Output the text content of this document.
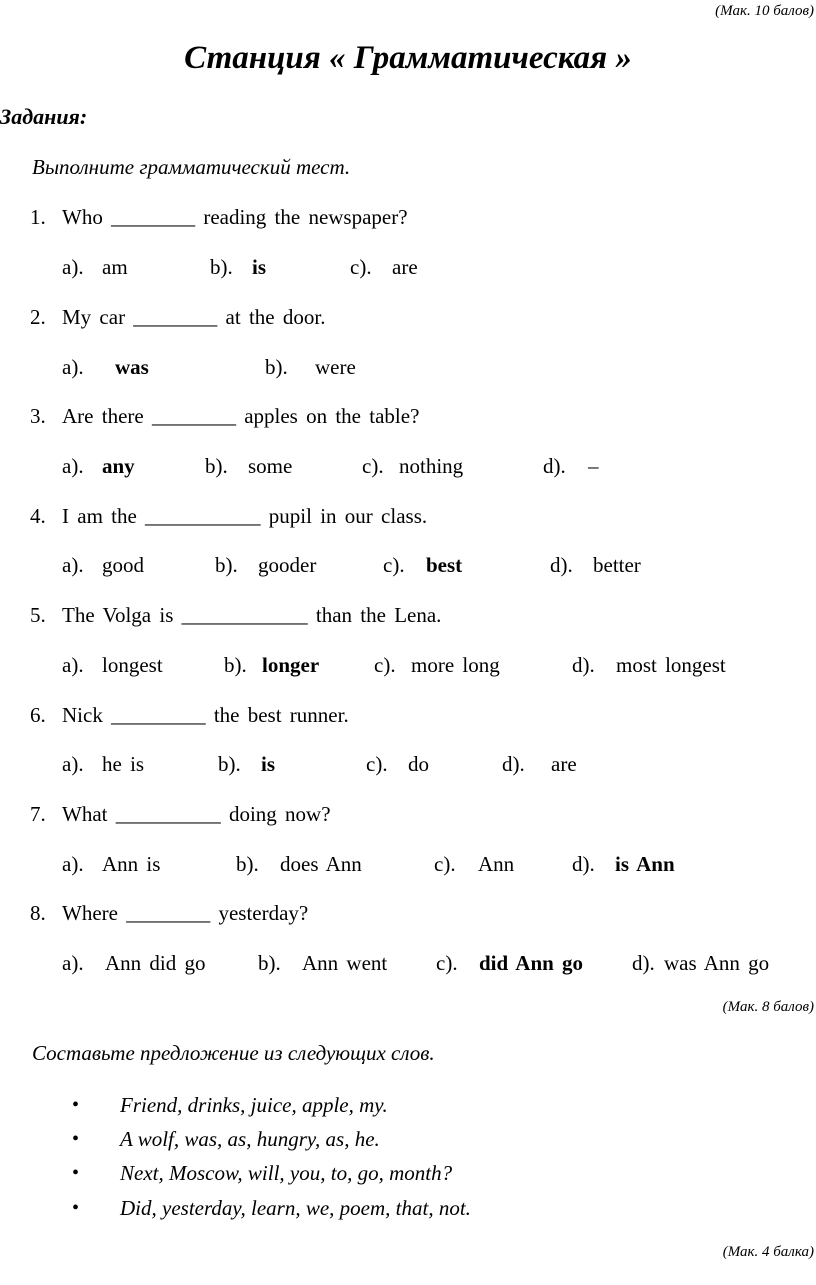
(Мак. 10 балов)
Станция « Грамматическая »
Задания:
Выполните грамматический тест.
1. Who ________ reading the newspaper?
a). am	b). is	c). are
2. My car ________ at the door.
a). was	b). were
3. Are there ________ apples on the table?
a). any	b). some	c). nothing	d). –
4. I am the ___________ pupil in our class.
a). good	b). gooder	c). best	d). better
5. The Volga is ____________ than the Lena.
a). longest	b). longer	c). more long	d). most longest
6. Nick _________ the best runner.
a). he is	b). is	c). do	d). are
7. What __________ doing now?
a). Ann is	b). does Ann	c). Ann	d). is Ann
8. Where ________ yesterday?
a). Ann did go	b). Ann went c). did Ann go d). was Ann go
(Мак. 8 балов)
Составьте предложение из следующих слов.
• Friend, drinks, juice, apple, my.
• A wolf, was, as, hungry, as, he.
• Next, Moscow, will, you, to, go, month?
• Did, yesterday, learn, we, poem, that, not.
(Мак. 4 балка)
